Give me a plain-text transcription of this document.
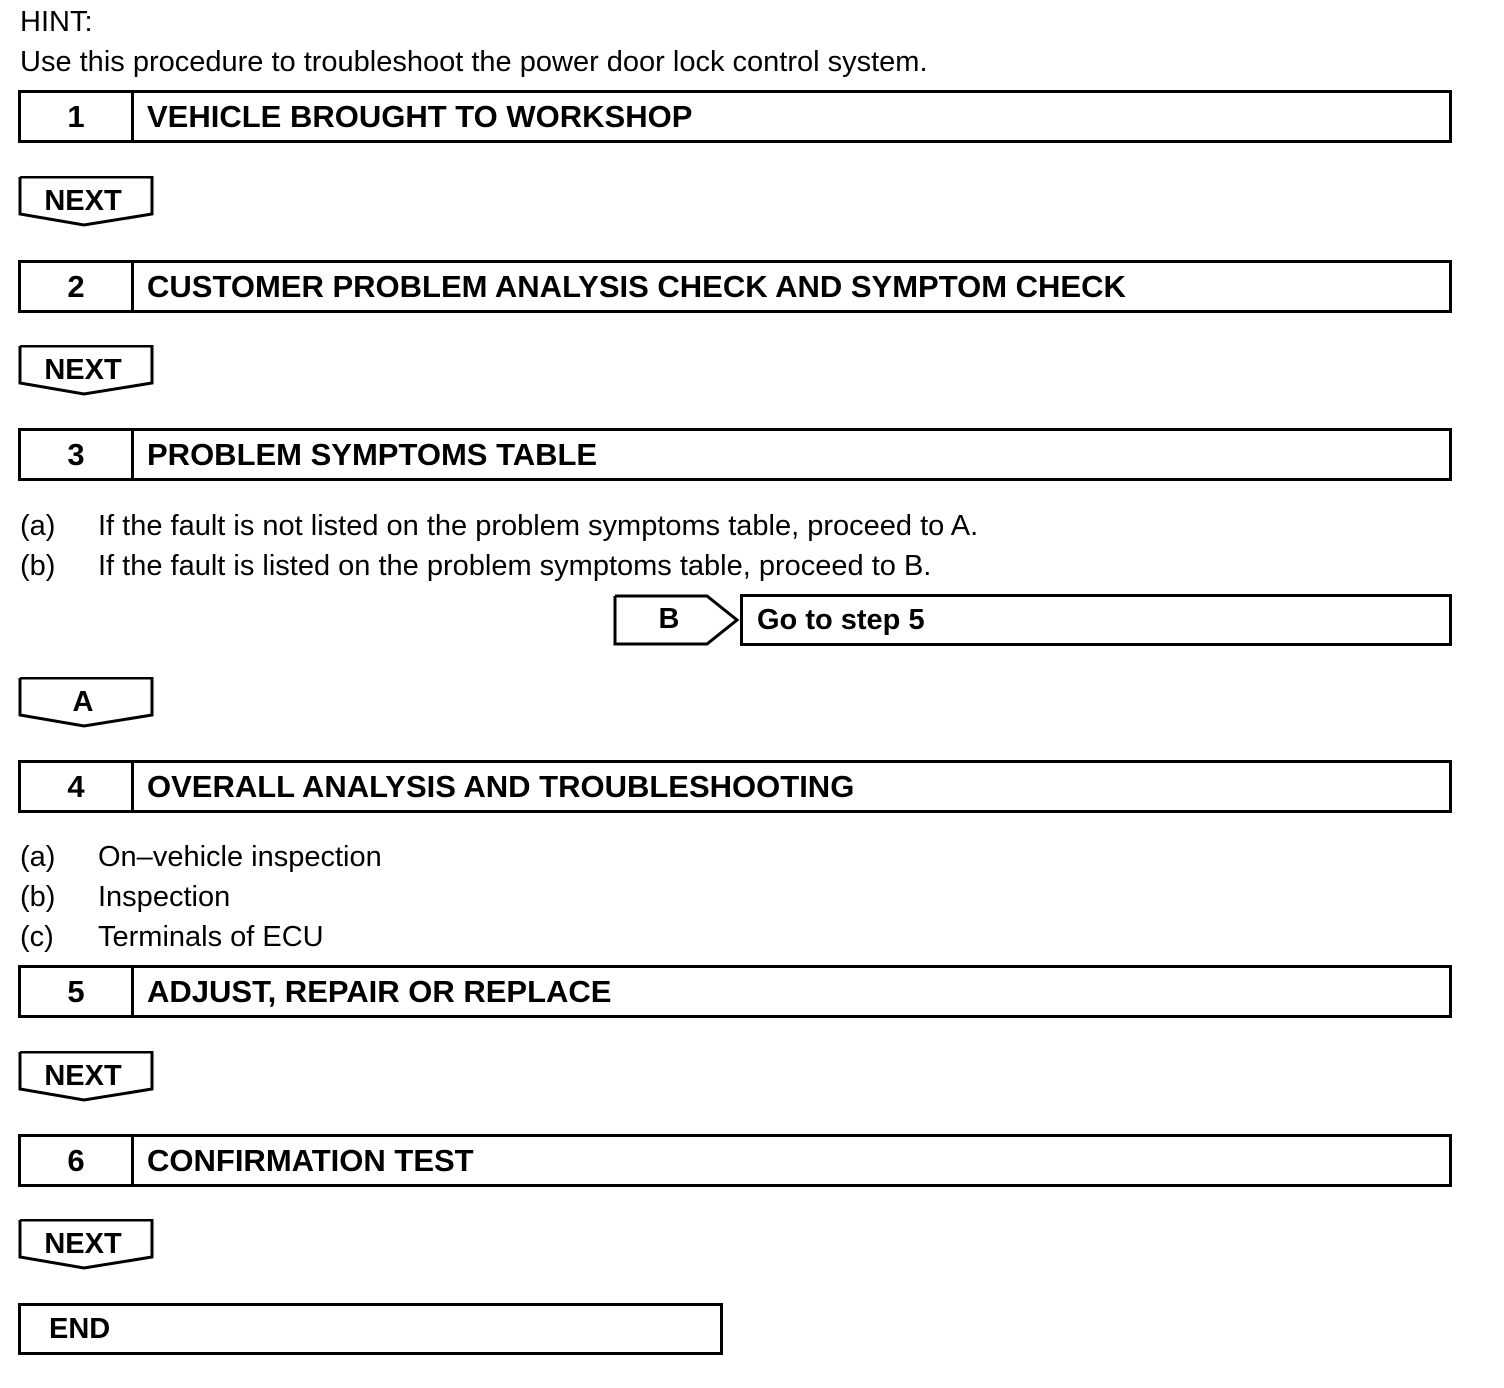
HINT:
Use this procedure to troubleshoot the power door lock control system.
1	VEHICLE BROUGHT TO WORKSHOP
NEXT
2	CUSTOMER PROBLEM ANALYSIS CHECK AND SYMPTOM CHECK
NEXT
3	PROBLEM SYMPTOMS TABLE
(a) If the fault is not listed on the problem symptoms table, proceed to A.
(b) If the fault is listed on the problem symptoms table, proceed to B.
B	Go to step 5
A
4	OVERALL ANALYSIS AND TROUBLESHOOTING
(a) On–vehicle inspection
(b) Inspection
(c) Terminals of ECU
5	ADJUST, REPAIR OR REPLACE
NEXT
6	CONFIRMATION TEST
NEXT
END
